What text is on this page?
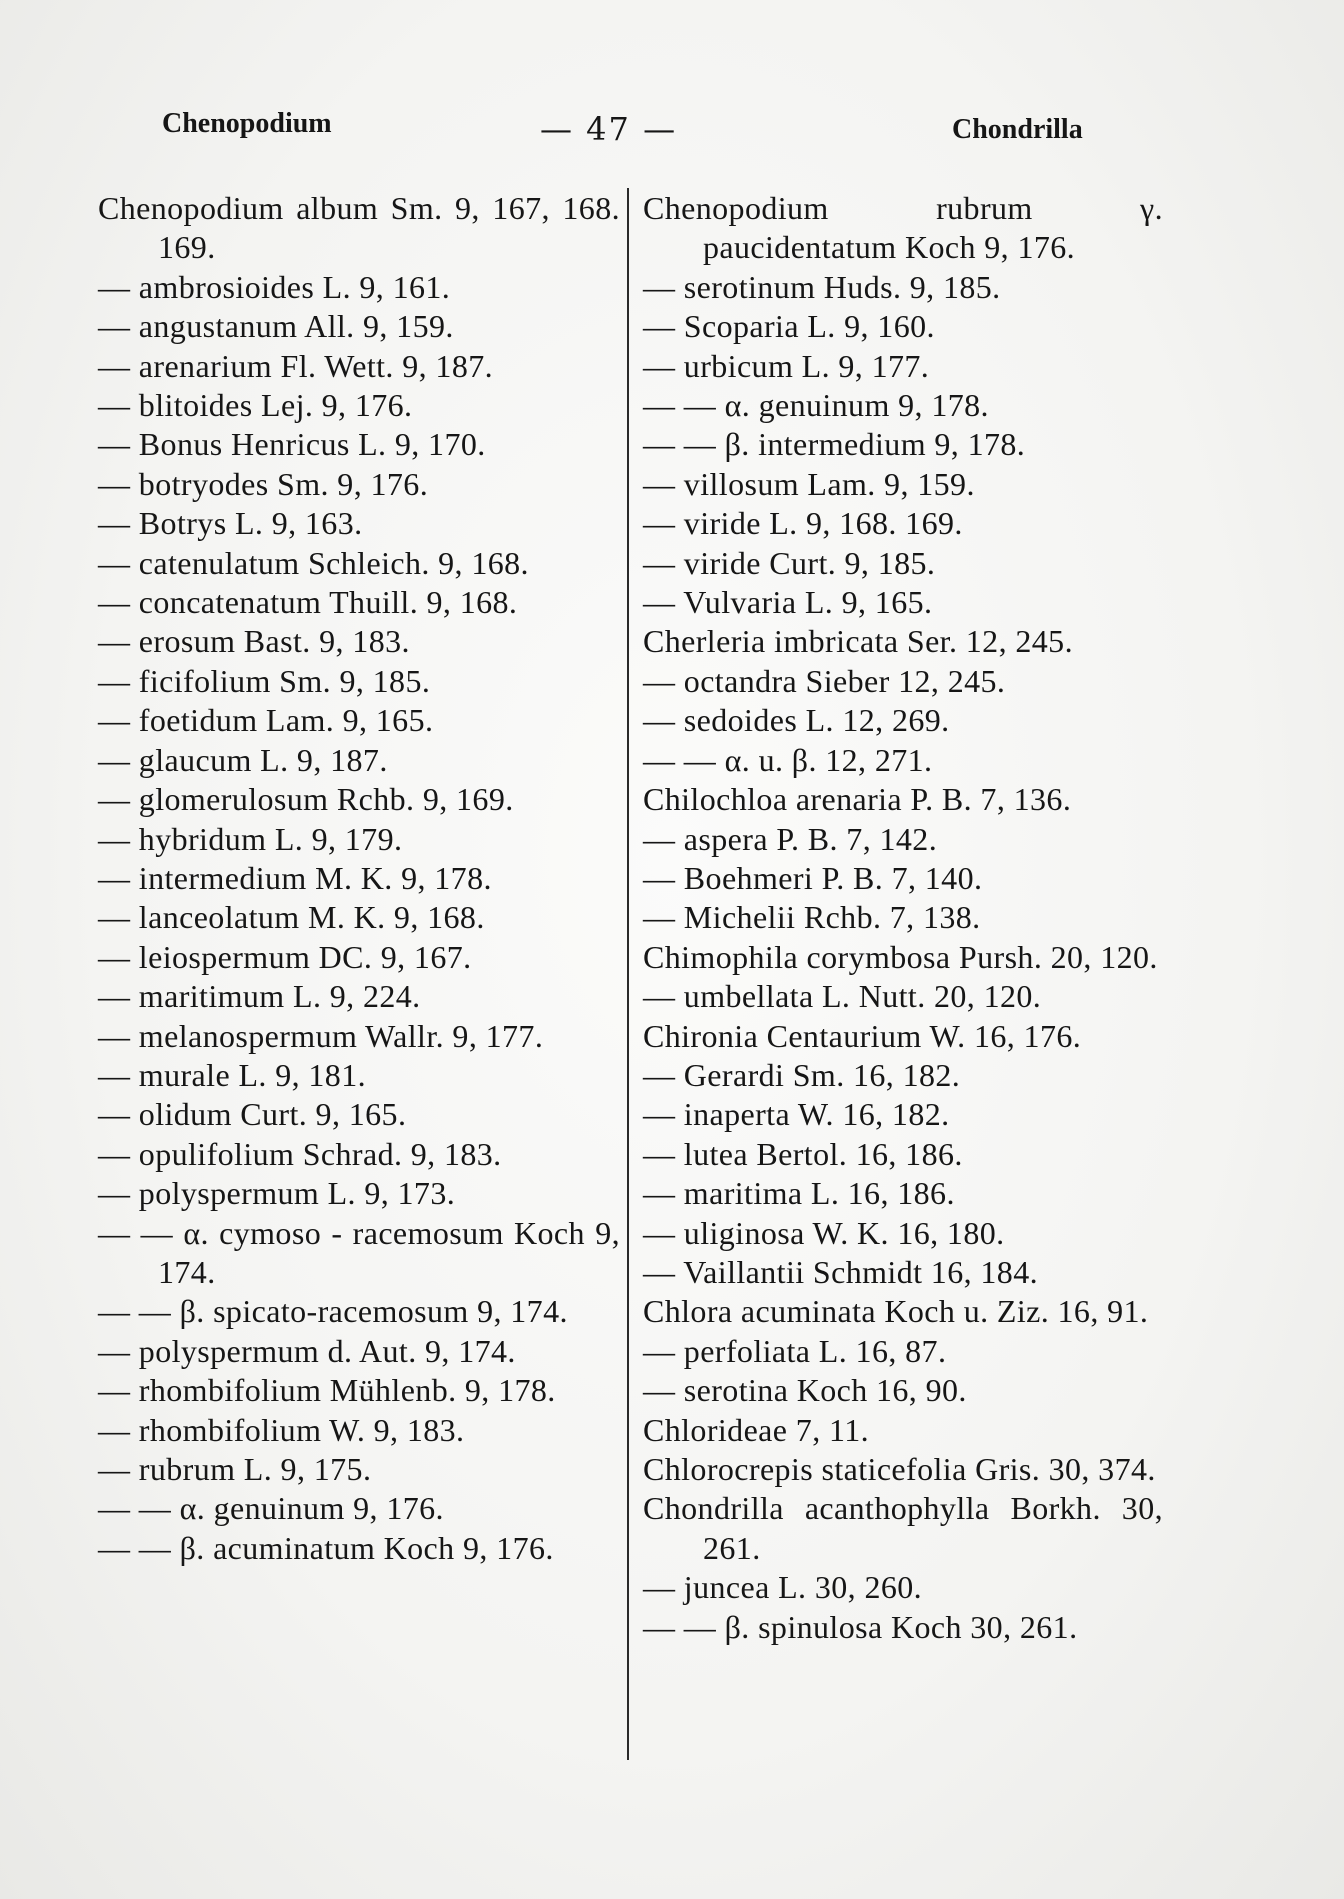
Chenopodium	— 47 —	Chondrilla
Chenopodium album Sm. 9, 167, 168. 169.
— ambrosioides L. 9, 161.
— angustanum All. 9, 159.
— arenarium Fl. Wett. 9, 187.
— blitoides Lej. 9, 176.
— Bonus Henricus L. 9, 170.
— botryodes Sm. 9, 176.
— Botrys L. 9, 163.
— catenulatum Schleich. 9, 168.
— concatenatum Thuill. 9, 168.
— erosum Bast. 9, 183.
— ficifolium Sm. 9, 185.
— foetidum Lam. 9, 165.
— glaucum L. 9, 187.
— glomerulosum Rchb. 9, 169.
— hybridum L. 9, 179.
— intermedium M. K. 9, 178.
— lanceolatum M. K. 9, 168.
— leiospermum DC. 9, 167.
— maritimum L. 9, 224.
— melanospermum Wallr. 9, 177.
— murale L. 9, 181.
— olidum Curt. 9, 165.
— opulifolium Schrad. 9, 183.
— polyspermum L. 9, 173.
— — α. cymoso - racemosum Koch 9, 174.
— — β. spicato-racemosum 9, 174.
— polyspermum d. Aut. 9, 174.
— rhombifolium Mühlenb. 9, 178.
— rhombifolium W. 9, 183.
— rubrum L. 9, 175.
— — α. genuinum 9, 176.
— — β. acuminatum Koch 9, 176.
Chenopodium rubrum γ. paucidentatum Koch 9, 176.
— serotinum Huds. 9, 185.
— Scoparia L. 9, 160.
— urbicum L. 9, 177.
— — α. genuinum 9, 178.
— — β. intermedium 9, 178.
— villosum Lam. 9, 159.
— viride L. 9, 168. 169.
— viride Curt. 9, 185.
— Vulvaria L. 9, 165.
Cherleria imbricata Ser. 12, 245.
— octandra Sieber 12, 245.
— sedoides L. 12, 269.
— — α. u. β. 12, 271.
Chilochloa arenaria P. B. 7, 136.
— aspera P. B. 7, 142.
— Boehmeri P. B. 7, 140.
— Michelii Rchb. 7, 138.
Chimophila corymbosa Pursh. 20, 120.
— umbellata L. Nutt. 20, 120.
Chironia Centaurium W. 16, 176.
— Gerardi Sm. 16, 182.
— inaperta W. 16, 182.
— lutea Bertol. 16, 186.
— maritima L. 16, 186.
— uliginosa W. K. 16, 180.
— Vaillantii Schmidt 16, 184.
Chlora acuminata Koch u. Ziz. 16, 91.
— perfoliata L. 16, 87.
— serotina Koch 16, 90.
Chlorideae 7, 11.
Chlorocrepis staticefolia Gris. 30, 374.
Chondrilla acanthophylla Borkh. 30, 261.
— juncea L. 30, 260.
— — β. spinulosa Koch 30, 261.
